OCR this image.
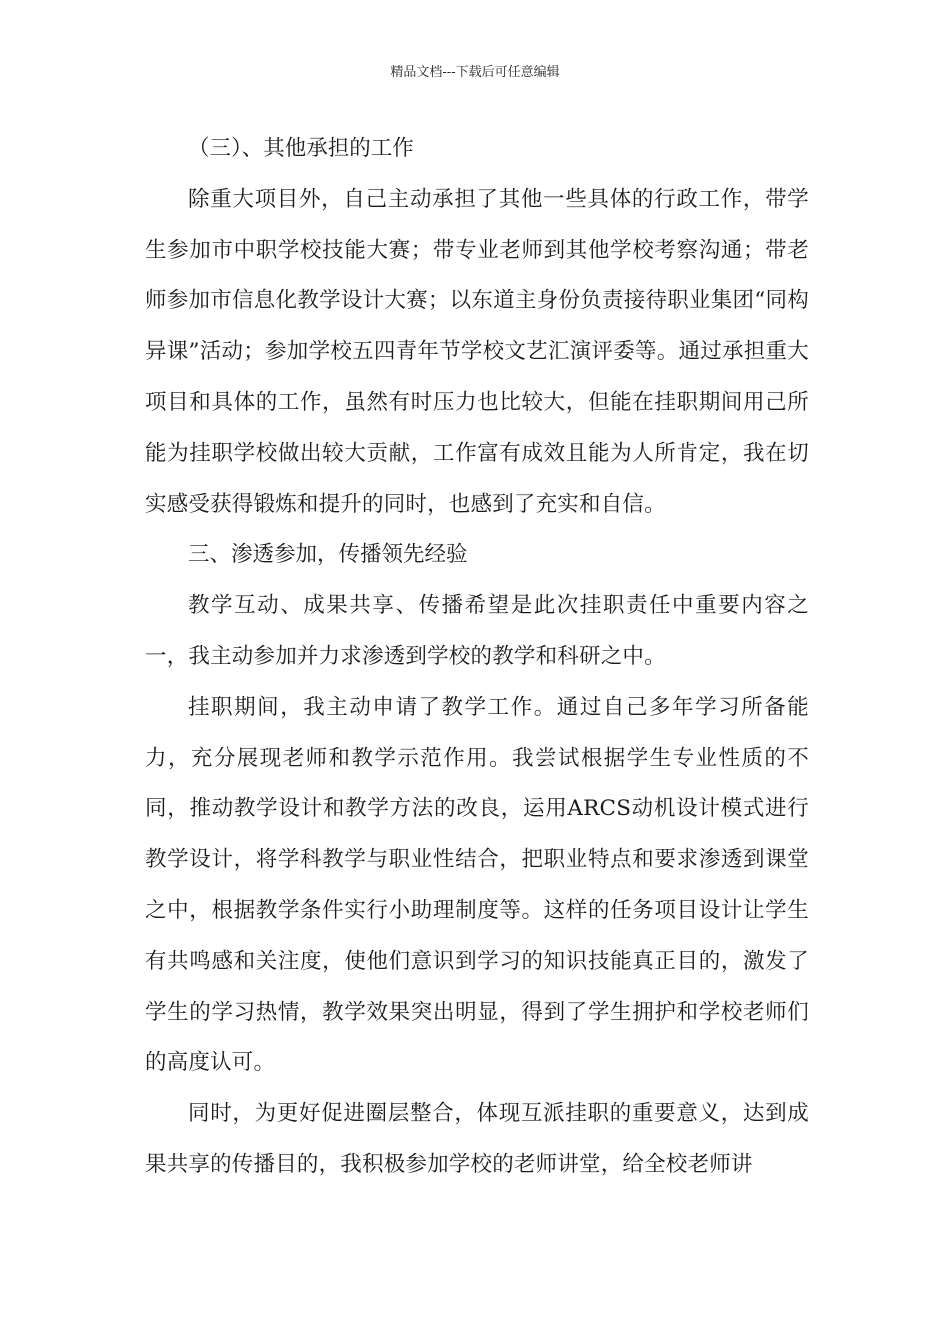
精品文档---下载后可任意编辑

（三）、其他承担的工作

除重大项目外，自己主动承担了其他一些具体的行政工作，带学生参加市中职学校技能大赛；带专业老师到其他学校考察沟通；带老师参加市信息化教学设计大赛；以东道主身份负责接待职业集团“同构异课”活动；参加学校五四青年节学校文艺汇演评委等。通过承担重大项目和具体的工作，虽然有时压力也比较大，但能在挂职期间用己所能为挂职学校做出较大贡献，工作富有成效且能为人所肯定，我在切实感受获得锻炼和提升的同时，也感到了充实和自信。

三、渗透参加，传播领先经验

教学互动、成果共享、传播希望是此次挂职责任中重要内容之一，我主动参加并力求渗透到学校的教学和科研之中。

挂职期间，我主动申请了教学工作。通过自己多年学习所备能力，充分展现老师和教学示范作用。我尝试根据学生专业性质的不同，推动教学设计和教学方法的改良，运用ARCS动机设计模式进行教学设计，将学科教学与职业性结合，把职业特点和要求渗透到课堂之中，根据教学条件实行小助理制度等。这样的任务项目设计让学生有共鸣感和关注度，使他们意识到学习的知识技能真正目的，激发了学生的学习热情，教学效果突出明显，得到了学生拥护和学校老师们的高度认可。

同时，为更好促进圈层整合，体现互派挂职的重要意义，达到成果共享的传播目的，我积极参加学校的老师讲堂，给全校老师讲
